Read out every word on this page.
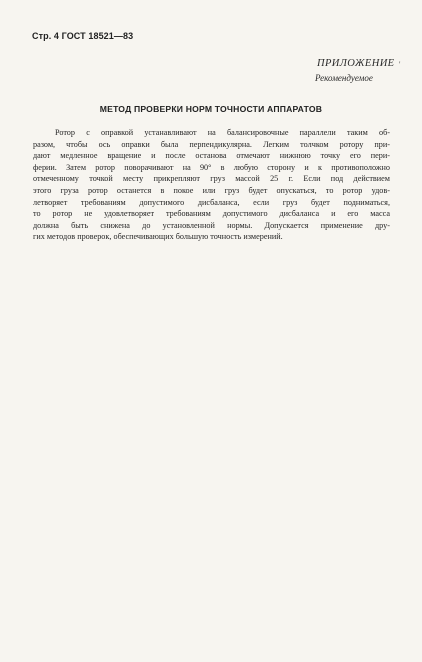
Стр. 4 ГОСТ 18521—83
ПРИЛОЖЕНИЕ '
Рекомендуемое
МЕТОД ПРОВЕРКИ НОРМ ТОЧНОСТИ АППАРАТОВ
Ротор с оправкой устанавливают на балансировочные параллели таким об-
разом, чтобы ось оправки была перпендикулярна. Легким толчком ротору при-
дают медленное вращение и после останова отмечают нижнюю точку его пери-
ферии. Затем ротор поворачивают на 90° в любую сторону и к противоположно
отмеченному точкой месту прикрепляют груз массой 25 г. Если под действием
этого груза ротор останется в покое или груз будет опускаться, то ротор удов-
летворяет требованиям допустимого дисбаланса, если груз будет подниматься,
то ротор не удовлетворяет требованиям допустимого дисбаланса и его масса
должна быть снижена до установленной нормы. Допускается применение дру-
гих методов проверок, обеспечивающих большую точность измерений.
